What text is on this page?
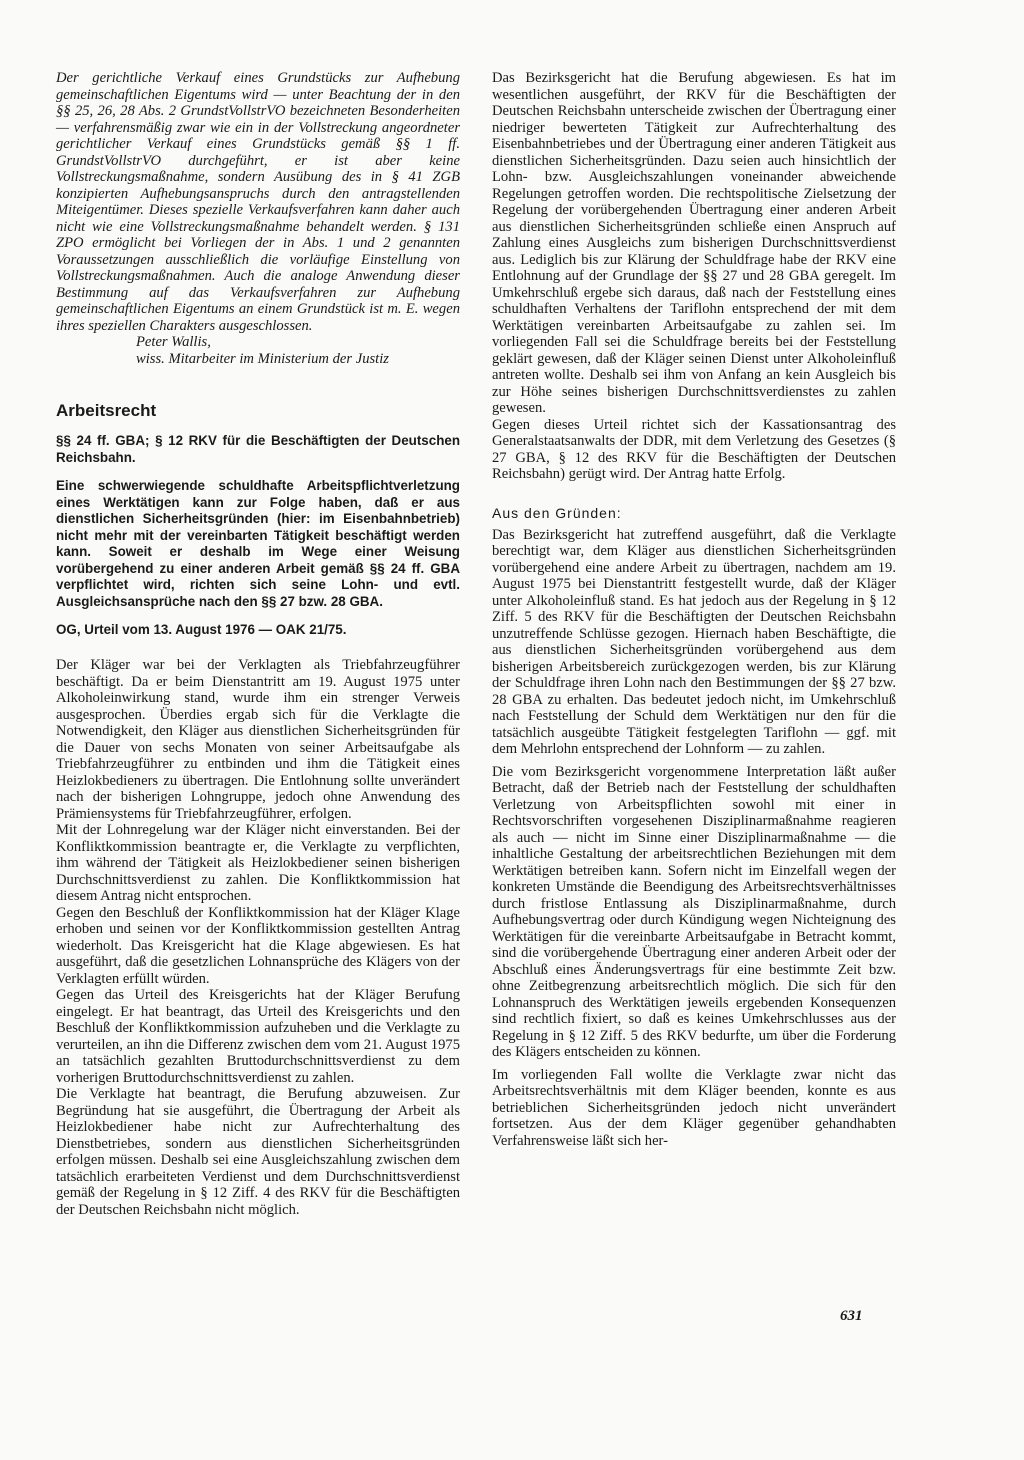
Der gerichtliche Verkauf eines Grundstücks zur Aufhebung gemeinschaftlichen Eigentums wird — unter Beachtung der in den §§ 25, 26, 28 Abs. 2 GrundstVollstrVO bezeichneten Besonderheiten — verfahrensmäßig zwar wie ein in der Vollstreckung angeordneter gerichtlicher Verkauf eines Grundstücks gemäß §§ 1 ff. GrundstVollstrVO durchgeführt, er ist aber keine Vollstreckungsmaßnahme, sondern Ausübung des in § 41 ZGB konzipierten Aufhebungsanspruchs durch den antragstellenden Miteigentümer. Dieses spezielle Verkaufsverfahren kann daher auch nicht wie eine Vollstreckungsmaßnahme behandelt werden. § 131 ZPO ermöglicht bei Vorliegen der in Abs. 1 und 2 genannten Voraussetzungen ausschließlich die vorläufige Einstellung von Vollstreckungsmaßnahmen. Auch die analoge Anwendung dieser Bestimmung auf das Verkaufsverfahren zur Aufhebung gemeinschaftlichen Eigentums an einem Grundstück ist m. E. wegen ihres speziellen Charakters ausgeschlossen.

Peter Wallis,
wiss. Mitarbeiter im Ministerium der Justiz
Arbeitsrecht
§§ 24 ff. GBA; § 12 RKV für die Beschäftigten der Deutschen Reichsbahn.
Eine schwerwiegende schuldhafte Arbeitspflichtverletzung eines Werktätigen kann zur Folge haben, daß er aus dienstlichen Sicherheitsgründen (hier: im Eisenbahnbetrieb) nicht mehr mit der vereinbarten Tätigkeit beschäftigt werden kann. Soweit er deshalb im Wege einer Weisung vorübergehend zu einer anderen Arbeit gemäß §§ 24 ff. GBA verpflichtet wird, richten sich seine Lohn- und evtl. Ausgleichsansprüche nach den §§ 27 bzw. 28 GBA.
OG, Urteil vom 13. August 1976 — OAK 21/75.

Der Kläger war bei der Verklagten als Triebfahrzeugführer beschäftigt. Da er beim Dienstantritt am 19. August 1975 unter Alkoholeinwirkung stand, wurde ihm ein strenger Verweis ausgesprochen. Überdies ergab sich für die Verklagte die Notwendigkeit, den Kläger aus dienstlichen Sicherheitsgründen für die Dauer von sechs Monaten von seiner Arbeitsaufgabe als Triebfahrzeugführer zu entbinden und ihm die Tätigkeit eines Heizlokbedieners zu übertragen. Die Entlohnung sollte unverändert nach der bisherigen Lohngruppe, jedoch ohne Anwendung des Prämiensystems für Triebfahrzeugführer, erfolgen.

Mit der Lohnregelung war der Kläger nicht einverstanden. Bei der Konfliktkommission beantragte er, die Verklagte zu verpflichten, ihm während der Tätigkeit als Heizlokbediener seinen bisherigen Durchschnittsverdienst zu zahlen. Die Konfliktkommission hat diesem Antrag nicht entsprochen.

Gegen den Beschluß der Konfliktkommission hat der Kläger Klage erhoben und seinen vor der Konfliktkommission gestellten Antrag wiederholt. Das Kreisgericht hat die Klage abgewiesen. Es hat ausgeführt, daß die gesetzlichen Lohnansprüche des Klägers von der Verklagten erfüllt würden.

Gegen das Urteil des Kreisgerichts hat der Kläger Berufung eingelegt. Er hat beantragt, das Urteil des Kreisgerichts und den Beschluß der Konfliktkommission aufzuheben und die Verklagte zu verurteilen, an ihn die Differenz zwischen dem vom 21. August 1975 an tatsächlich gezahlten Bruttodurchschnittsverdienst zu dem vorherigen Bruttodurchschnittsverdienst zu zahlen.

Die Verklagte hat beantragt, die Berufung abzuweisen. Zur Begründung hat sie ausgeführt, die Übertragung der Arbeit als Heizlokbediener habe nicht zur Aufrechterhaltung des Dienstbetriebes, sondern aus dienstlichen Sicherheitsgründen erfolgen müssen. Deshalb sei eine Ausgleichszahlung zwischen dem tatsächlich erarbeiteten Verdienst und dem Durchschnittsverdienst gemäß der Regelung in § 12 Ziff. 4 des RKV für die Beschäftigten der Deutschen Reichsbahn nicht möglich.

Das Bezirksgericht hat die Berufung abgewiesen. Es hat im wesentlichen ausgeführt, der RKV für die Beschäftigten der Deutschen Reichsbahn unterscheide zwischen der Übertragung einer niedriger bewerteten Tätigkeit zur Aufrechterhaltung des Eisenbahnbetriebes und der Übertragung einer anderen Tätigkeit aus dienstlichen Sicherheitsgründen. Dazu seien auch hinsichtlich der Lohn- bzw. Ausgleichszahlungen voneinander abweichende Regelungen getroffen worden. Die rechtspolitische Zielsetzung der Regelung der vorübergehenden Übertragung einer anderen Arbeit aus dienstlichen Sicherheitsgründen schließe einen Anspruch auf Zahlung eines Ausgleichs zum bisherigen Durchschnittsverdienst aus. Lediglich bis zur Klärung der Schuldfrage habe der RKV eine Entlohnung auf der Grundlage der §§ 27 und 28 GBA geregelt. Im Umkehrschluß ergebe sich daraus, daß nach der Feststellung eines schuldhaften Verhaltens der Tariflohn entsprechend der mit dem Werktätigen vereinbarten Arbeitsaufgabe zu zahlen sei. Im vorliegenden Fall sei die Schuldfrage bereits bei der Feststellung geklärt gewesen, daß der Kläger seinen Dienst unter Alkoholeinfluß antreten wollte. Deshalb sei ihm von Anfang an kein Ausgleich bis zur Höhe seines bisherigen Durchschnittsverdienstes zu zahlen gewesen.

Gegen dieses Urteil richtet sich der Kassationsantrag des Generalstaatsanwalts der DDR, mit dem Verletzung des Gesetzes (§ 27 GBA, § 12 des RKV für die Beschäftigten der Deutschen Reichsbahn) gerügt wird. Der Antrag hatte Erfolg.

Aus den Gründen:

Das Bezirksgericht hat zutreffend ausgeführt, daß die Verklagte berechtigt war, dem Kläger aus dienstlichen Sicherheitsgründen vorübergehend eine andere Arbeit zu übertragen, nachdem am 19. August 1975 bei Dienstantritt festgestellt wurde, daß der Kläger unter Alkoholeinfluß stand. Es hat jedoch aus der Regelung in § 12 Ziff. 5 des RKV für die Beschäftigten der Deutschen Reichsbahn unzutreffende Schlüsse gezogen. Hiernach haben Beschäftigte, die aus dienstlichen Sicherheitsgründen vorübergehend aus dem bisherigen Arbeitsbereich zurückgezogen werden, bis zur Klärung der Schuldfrage ihren Lohn nach den Bestimmungen der §§ 27 bzw. 28 GBA zu erhalten. Das bedeutet jedoch nicht, im Umkehrschluß nach Feststellung der Schuld dem Werktätigen nur den für die tatsächlich ausgeübte Tätigkeit festgelegten Tariflohn — ggf. mit dem Mehrlohn entsprechend der Lohnform — zu zahlen.

Die vom Bezirksgericht vorgenommene Interpretation läßt außer Betracht, daß der Betrieb nach der Feststellung der schuldhaften Verletzung von Arbeitspflichten sowohl mit einer in Rechtsvorschriften vorgesehenen Disziplinarmaßnahme reagieren als auch — nicht im Sinne einer Disziplinarmaßnahme — die inhaltliche Gestaltung der arbeitsrechtlichen Beziehungen mit dem Werktätigen betreiben kann. Sofern nicht im Einzelfall wegen der konkreten Umstände die Beendigung des Arbeitsrechtsverhältnisses durch fristlose Entlassung als Disziplinarmaßnahme, durch Aufhebungsvertrag oder durch Kündigung wegen Nichteignung des Werktätigen für die vereinbarte Arbeitsaufgabe in Betracht kommt, sind die vorübergehende Übertragung einer anderen Arbeit oder der Abschluß eines Änderungsvertrags für eine bestimmte Zeit bzw. ohne Zeitbegrenzung arbeitsrechtlich möglich. Die sich für den Lohnanspruch des Werktätigen jeweils ergebenden Konsequenzen sind rechtlich fixiert, so daß es keines Umkehrschlusses aus der Regelung in § 12 Ziff. 5 des RKV bedurfte, um über die Forderung des Klägers entscheiden zu können.

Im vorliegenden Fall wollte die Verklagte zwar nicht das Arbeitsrechtsverhältnis mit dem Kläger beenden, konnte es aus betrieblichen Sicherheitsgründen jedoch nicht unverändert fortsetzen. Aus der dem Kläger gegenüber gehandhabten Verfahrensweise läßt sich her-

631
